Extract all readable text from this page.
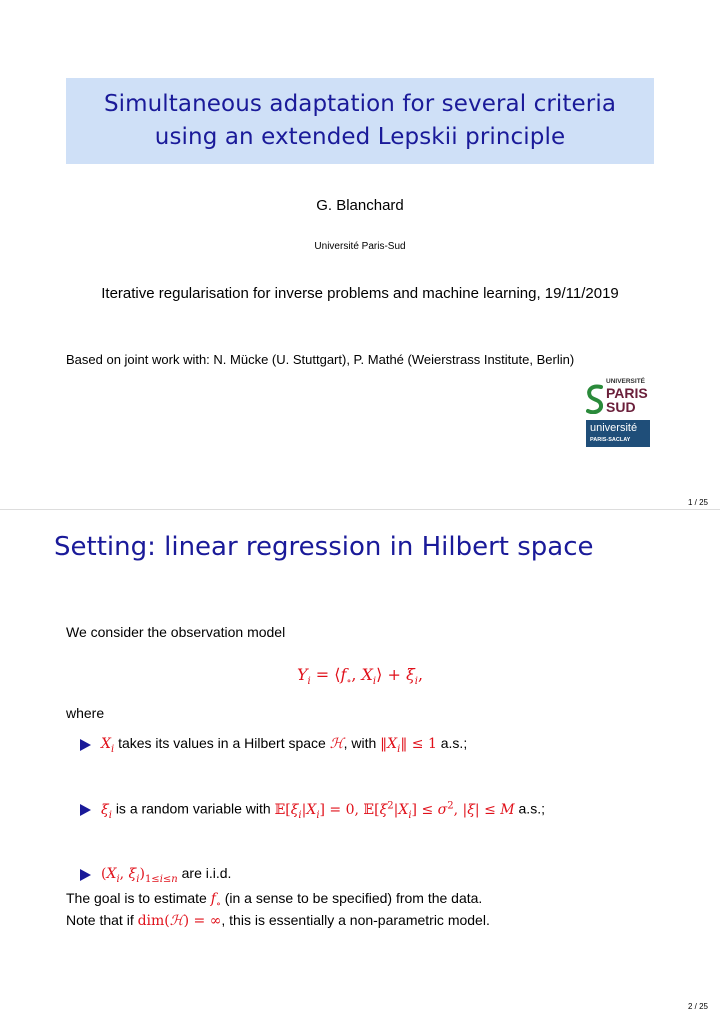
Simultaneous adaptation for several criteria
using an extended Lepskii principle
G. Blanchard
Université Paris-Sud
Iterative regularisation for inverse problems and machine learning, 19/11/2019
Based on joint work with: N. Mücke (U. Stuttgart), P. Mathé (Weierstrass Institute, Berlin)
UNIVERSITÉ
PARIS
SUD
université
PARIS-SACLAY
1 / 25
Setting: linear regression in Hilbert space
We consider the observation model
$Y_i$ = $⟨f_\circ$, $X_i⟩ + \xi_i$,
where
$X_i$ takes its values in a Hilbert space ℋ, with $‖X_i‖ \le 1$ a.s.;
$\xi_i$ is a random variable with $𝔼[\xi_i|X_i] = 0$, $𝔼[\xi^2|X_i] \le \sigma^2$, |ξ| ≤ M a.s.;
($X_i$, $\xi_i)_{1\le i\le n}$ are i.i.d.
The goal is to estimate $f_\circ$ (in a sense to be specified) from the data.
Note that if dim(ℋ) = ∞, this is essentially a non-parametric model.
2 / 25
